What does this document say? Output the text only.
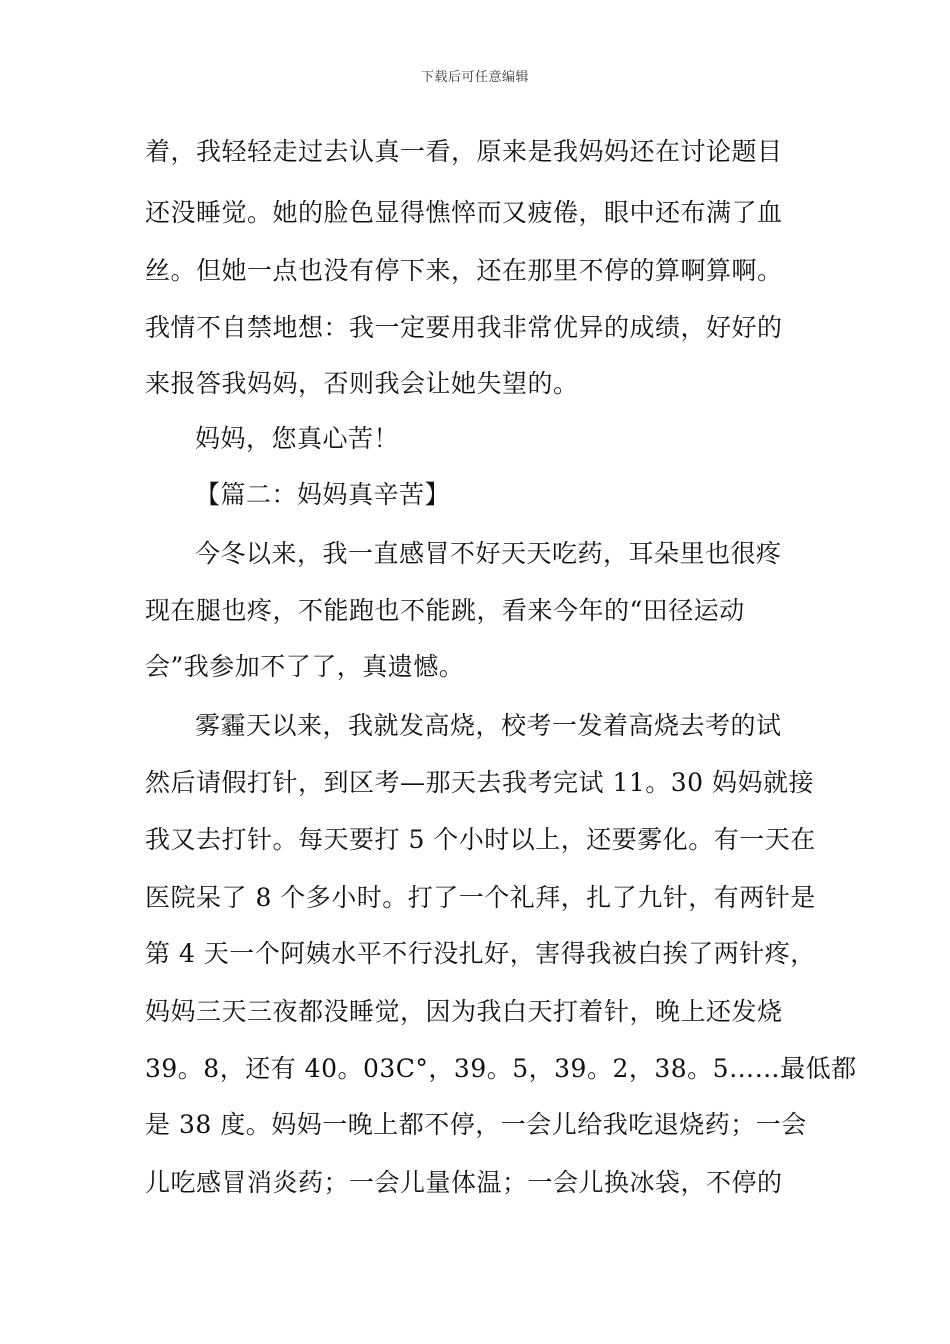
下载后可任意编辑
着，我轻轻走过去认真一看，原来是我妈妈还在讨论题目
还没睡觉。她的脸色显得憔悴而又疲倦，眼中还布满了血
丝。但她一点也没有停下来，还在那里不停的算啊算啊。
我情不自禁地想：我一定要用我非常优异的成绩，好好的
来报答我妈妈，否则我会让她失望的。
妈妈，您真心苦！
【篇二：妈妈真辛苦】
今冬以来，我一直感冒不好天天吃药，耳朵里也很疼
现在腿也疼，不能跑也不能跳，看来今年的“田径运动
会”我参加不了了，真遗憾。
雾霾天以来，我就发高烧，校考一发着高烧去考的试
然后请假打针，到区考—那天去我考完试 11。30 妈妈就接
我又去打针。每天要打 5 个小时以上，还要雾化。有一天在
医院呆了 8 个多小时。打了一个礼拜，扎了九针，有两针是
第 4 天一个阿姨水平不行没扎好，害得我被白挨了两针疼，
妈妈三天三夜都没睡觉，因为我白天打着针，晚上还发烧
39。8，还有 40。03C°，39。5，39。2，38。5……最低都
是 38 度。妈妈一晚上都不停，一会儿给我吃退烧药；一会
儿吃感冒消炎药；一会儿量体温；一会儿换冰袋，不停的
